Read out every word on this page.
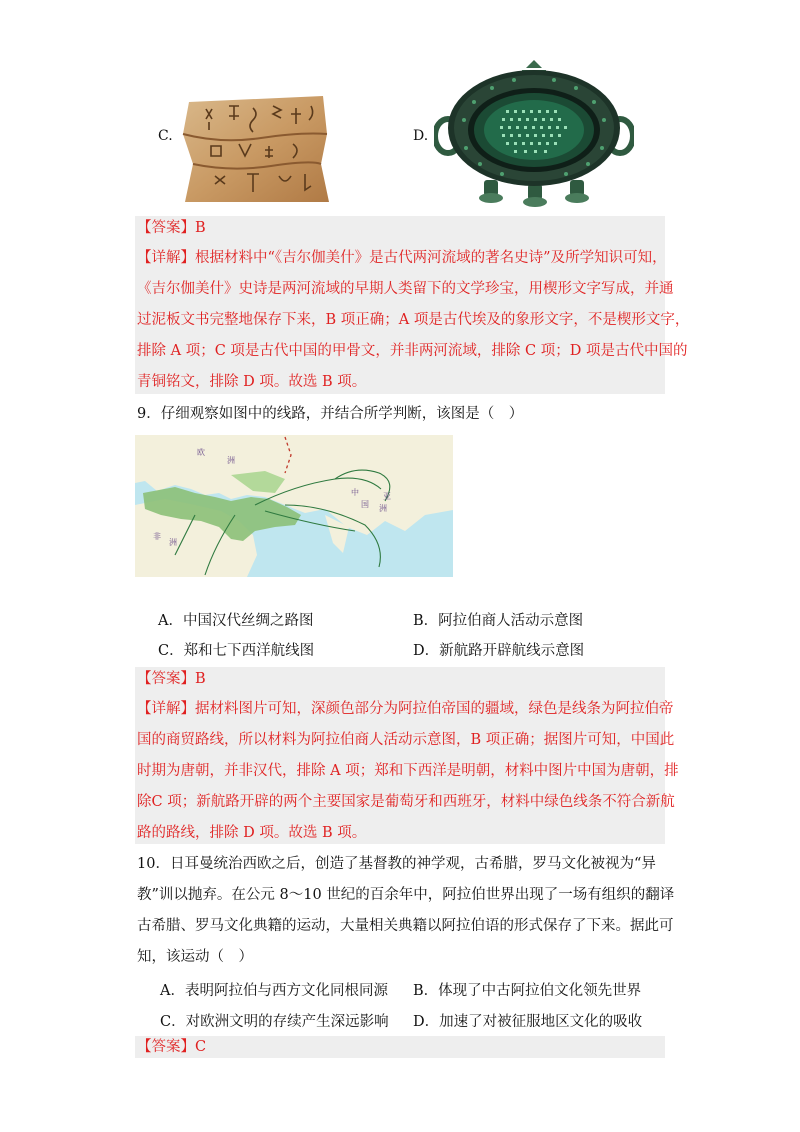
C.	D.
【答案】B
【详解】根据材料中“《吉尔伽美什》是古代两河流域的著名史诗”及所学知识可知，
《吉尔伽美什》史诗是两河流域的早期人类留下的文学珍宝，用楔形文字写成，并通
过泥板文书完整地保存下来，B 项正确；A 项是古代埃及的象形文字，不是楔形文字，
排除 A 项；C 项是古代中国的甲骨文，并非两河流域，排除 C 项；D 项是古代中国的
青铜铭文，排除 D 项。故选 B 项。
9．仔细观察如图中的线路，并结合所学判断，该图是（　）
欧
洲
亚
洲
非
洲
中
国
A．中国汉代丝绸之路图	B．阿拉伯商人活动示意图
C．郑和七下西洋航线图	D．新航路开辟航线示意图
【答案】B
【详解】据材料图片可知，深颜色部分为阿拉伯帝国的疆域，绿色是线条为阿拉伯帝
国的商贸路线，所以材料为阿拉伯商人活动示意图，B 项正确；据图片可知，中国此
时期为唐朝，并非汉代，排除 A 项；郑和下西洋是明朝，材料中图片中国为唐朝，排
除C 项；新航路开辟的两个主要国家是葡萄牙和西班牙，材料中绿色线条不符合新航
路的路线，排除 D 项。故选 B 项。
10．日耳曼统治西欧之后，创造了基督教的神学观，古希腊，罗马文化被视为“异
教”训以抛弃。在公元 8～10 世纪的百余年中，阿拉伯世界出现了一场有组织的翻译
古希腊、罗马文化典籍的运动，大量相关典籍以阿拉伯语的形式保存了下来。据此可
知，该运动（　）
A．表明阿拉伯与西方文化同根同源 B．体现了中古阿拉伯文化领先世界
C．对欧洲文明的存续产生深远影响 D．加速了对被征服地区文化的吸收
【答案】C
